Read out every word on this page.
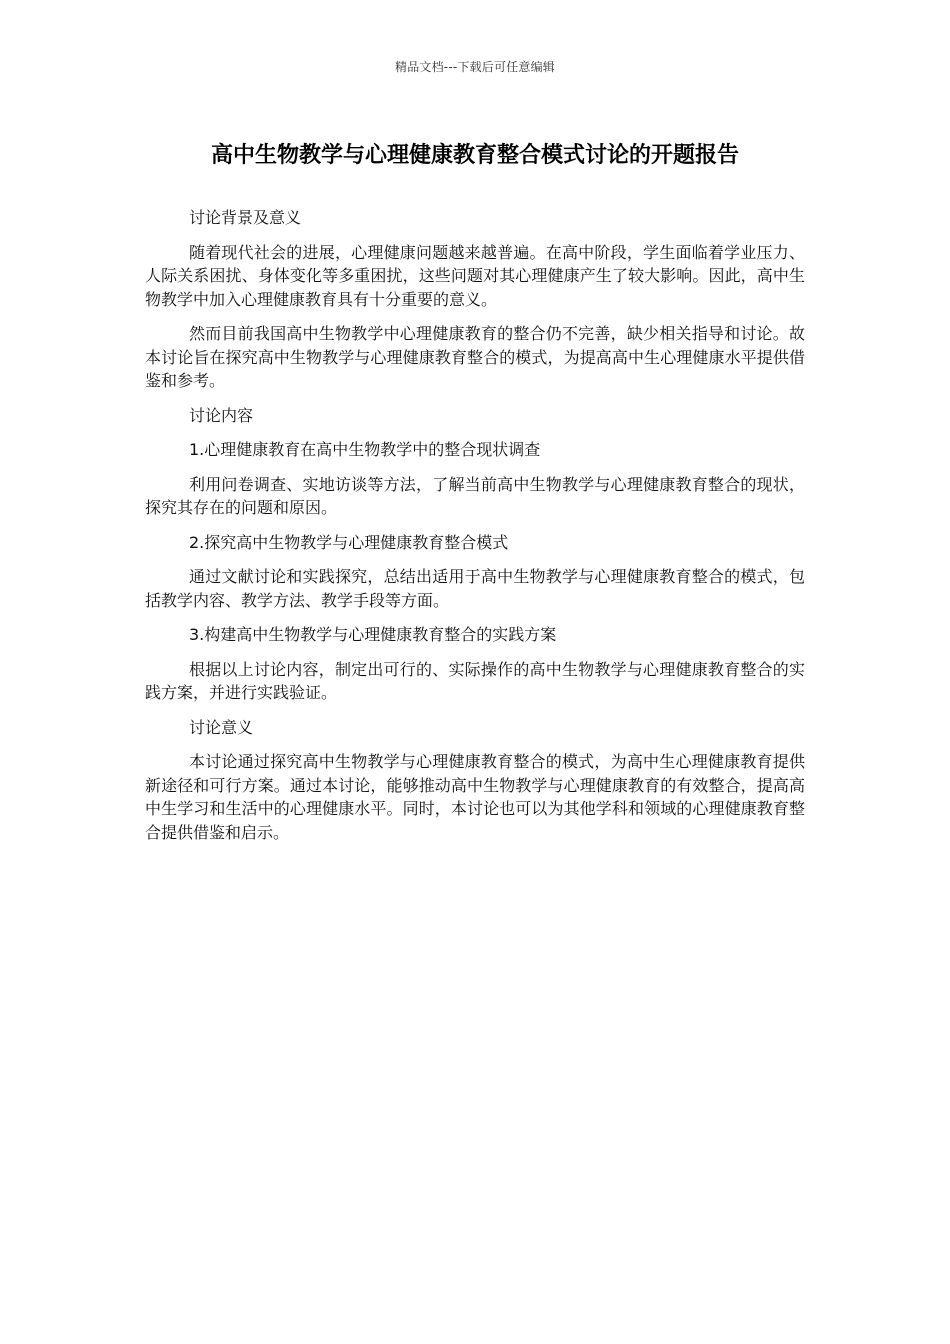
精品文档---下载后可任意编辑
高中生物教学与心理健康教育整合模式讨论的开题报告

讨论背景及意义

随着现代社会的进展，心理健康问题越来越普遍。在高中阶段，学生面临着学业压力、人际关系困扰、身体变化等多重困扰，这些问题对其心理健康产生了较大影响。因此，高中生物教学中加入心理健康教育具有十分重要的意义。

然而目前我国高中生物教学中心理健康教育的整合仍不完善，缺少相关指导和讨论。故本讨论旨在探究高中生物教学与心理健康教育整合的模式，为提高高中生心理健康水平提供借鉴和参考。

讨论内容

1.心理健康教育在高中生物教学中的整合现状调查

利用问卷调查、实地访谈等方法，了解当前高中生物教学与心理健康教育整合的现状，探究其存在的问题和原因。

2.探究高中生物教学与心理健康教育整合模式

通过文献讨论和实践探究，总结出适用于高中生物教学与心理健康教育整合的模式，包括教学内容、教学方法、教学手段等方面。

3.构建高中生物教学与心理健康教育整合的实践方案

根据以上讨论内容，制定出可行的、实际操作的高中生物教学与心理健康教育整合的实践方案，并进行实践验证。

讨论意义

本讨论通过探究高中生物教学与心理健康教育整合的模式，为高中生心理健康教育提供新途径和可行方案。通过本讨论，能够推动高中生物教学与心理健康教育的有效整合，提高高中生学习和生活中的心理健康水平。同时，本讨论也可以为其他学科和领域的心理健康教育整合提供借鉴和启示。
